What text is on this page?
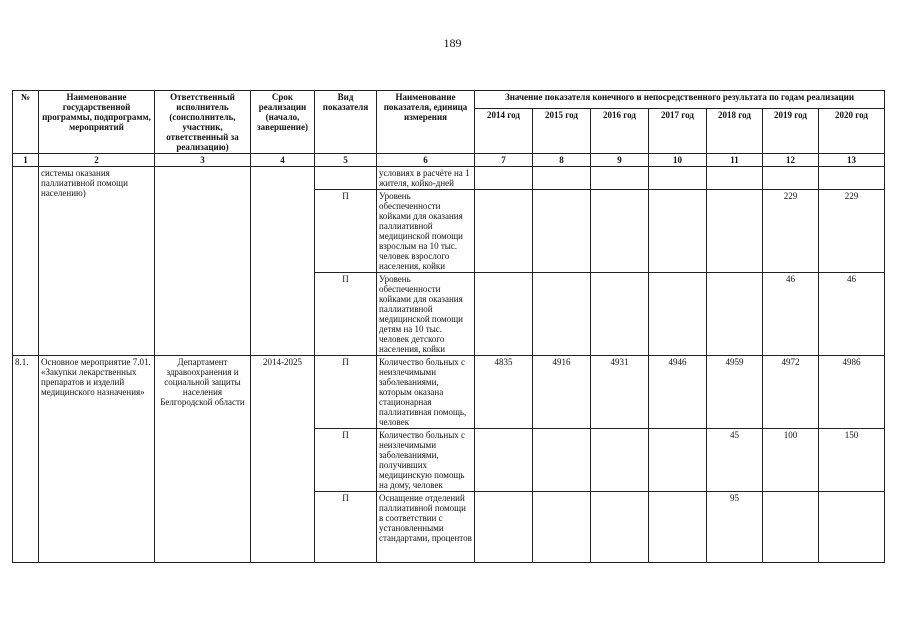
189
№	Наименование государственной программы, подпрограмм, мероприятий	Ответственный исполнитель (соисполнитель, участник, ответственный за реализацию)	Срок реализации (начало, завершение)	Вид показателя	Наименование показателя, единица измерения	Значение показателя конечного и непосредственного результата по годам реализации						
						2014 год	2015 год	2016 год	2017 год	2018 год	2019 год	2020 год
1	2	3	4	5	6	7	8	9	10	11	12	13
	системы оказания паллиативной помощи населению)				условиях в расчёте на 1 жителя, койко-дней							
				П	Уровень обеспеченности койками для оказания паллиативной медицинской помощи взрослым на 10 тыс. человек взрослого населения, койки						229	229
				П	Уровень обеспеченности койками для оказания паллиативной медицинской помощи детям на 10 тыс. человек детского населения, койки						46	46
8.1.	Основное мероприятие 7.01. «Закупки лекарственных препаратов и изделий медицинского назначения»	Департамент здравоохранения и социальной защиты населения Белгородской области	2014-2025	П	Количество больных с неизлечимыми заболеваниями, которым оказана стационарная паллиативная помощь, человек	4835	4916	4931	4946	4959	4972	4986
				П	Количество больных с неизлечимыми заболеваниями, получивших медицинскую помощь на дому, человек					45	100	150
				П	Оснащение отделений паллиативной помощи в соответствии с установленными стандартами, процентов					95		
